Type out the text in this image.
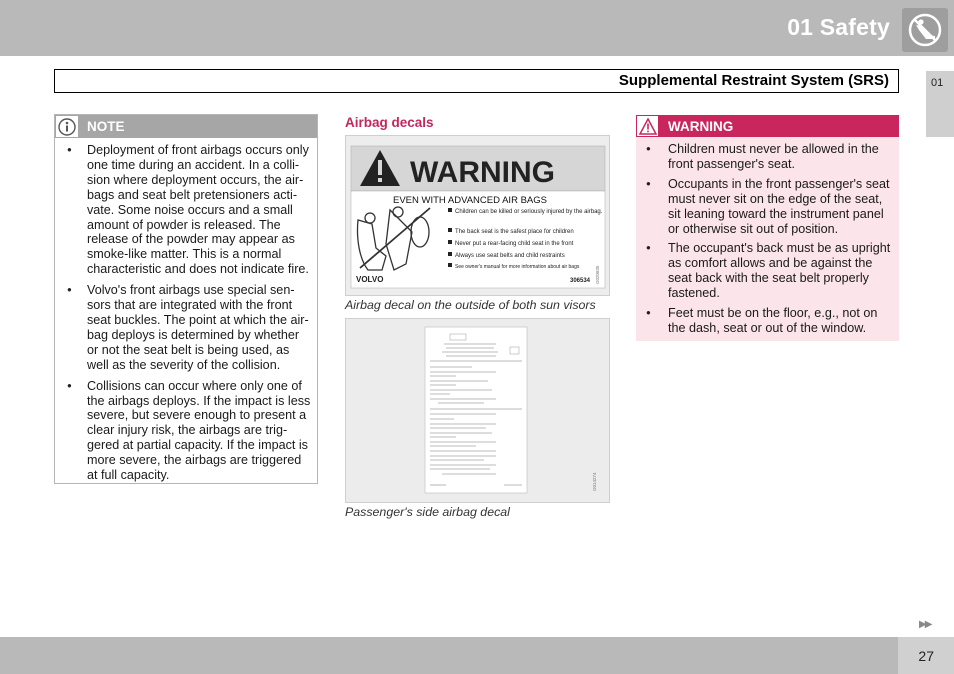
01 Safety
Supplemental Restraint System (SRS)	01
NOTE
● Deployment of front airbags occurs only one time during an accident. In a colli- sion where deployment occurs, the air- bags and seat belt pretensioners acti- vate. Some noise occurs and a small amount of powder is released. The release of the powder may appear as smoke-like matter. This is a normal characteristic and does not indicate fire.
● Volvo's front airbags use special sen- sors that are integrated with the front seat buckles. The point at which the air- bag deploys is determined by whether or not the seat belt is being used, as well as the severity of the collision.
● Collisions can occur where only one of the airbags deploys. If the impact is less severe, but severe enough to present a clear injury risk, the airbags are trig- gered at partial capacity. If the impact is more severe, the airbags are triggered at full capacity.
Airbag decals
WARNING
EVEN WITH ADVANCED AIR BAGS
Children can be killed or seriously injured by the airbag.
The back seat is the safest place for children
Never put a rear-facing child seat in the front
Always use seat belts and child restraints
See owner's manual for more information about air bags
VOLVO	306534 G020835
Airbag decal on the outside of both sun visors
G014274
Passenger's side airbag decal
WARNING
● Children must never be allowed in the front passenger's seat.
● Occupants in the front passenger's seat must never sit on the edge of the seat, sit leaning toward the instrument panel or otherwise sit out of position.
● The occupant's back must be as upright as comfort allows and be against the seat back with the seat belt properly fastened.
● Feet must be on the floor, e.g., not on the dash, seat or out of the window.
▶▶
27
